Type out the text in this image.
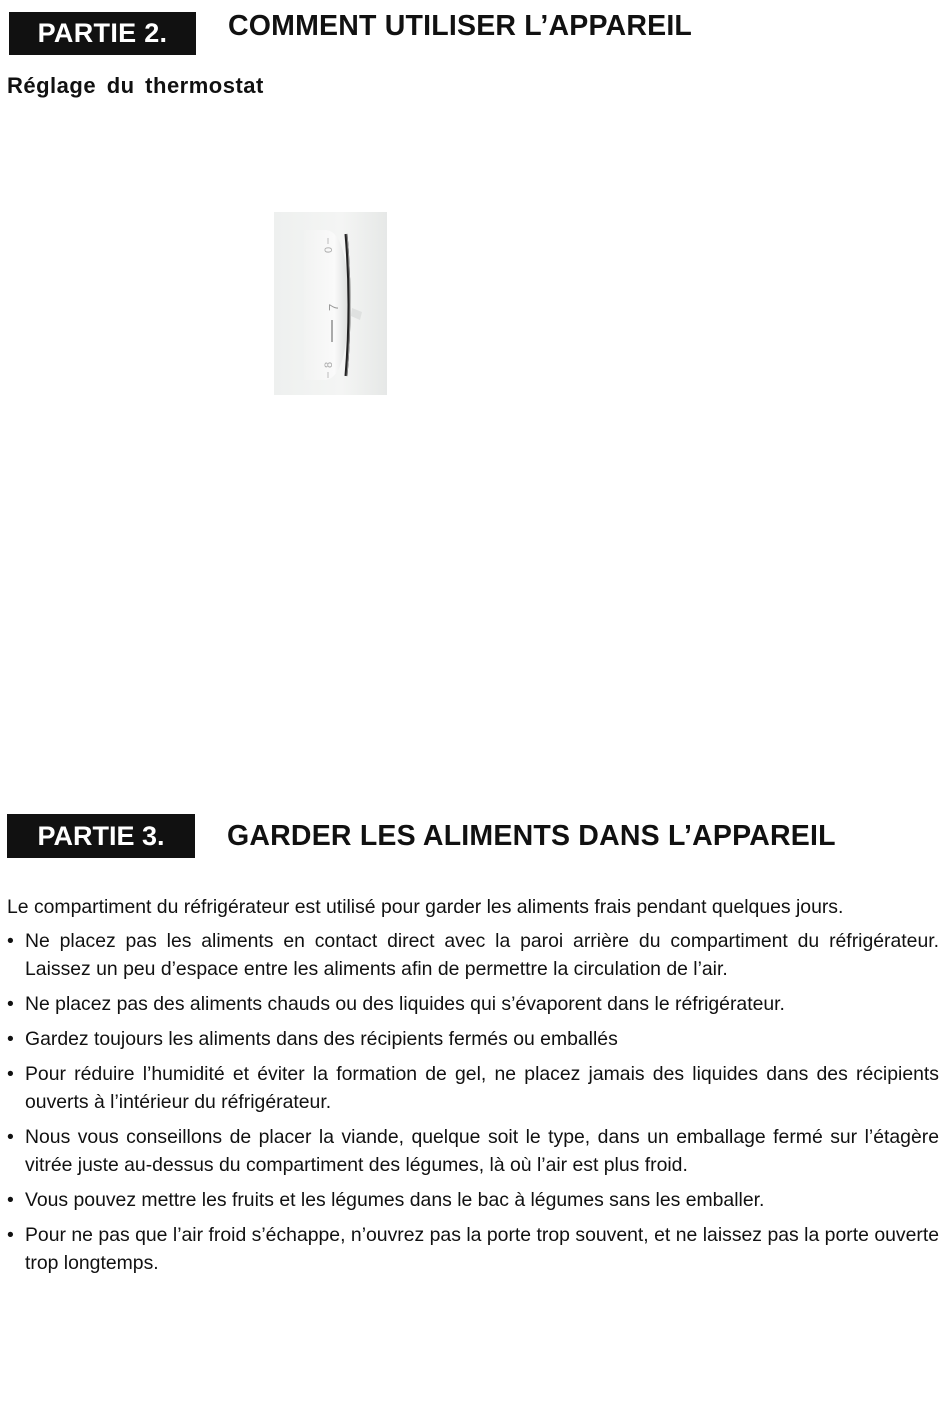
PARTIE 2.	COMMENT UTILISER L’APPAREIL
Réglage du thermostat
0
7
8
PARTIE 3.	GARDER LES ALIMENTS DANS L’APPAREIL

Le compartiment du réfrigérateur est utilisé pour garder les aliments frais pendant quelques jours.

• Ne placez pas les aliments en contact direct avec la paroi arrière du compartiment du réfrigérateur. Laissez un peu d’espace entre les aliments afin de permettre la circulation de l’air.

• Ne placez pas des aliments chauds ou des liquides qui s’évaporent dans le réfrigérateur.

• Gardez toujours les aliments dans des récipients fermés ou emballés

• Pour réduire l’humidité et éviter la formation de gel, ne placez jamais des liquides dans des récipients ouverts à l’intérieur du réfrigérateur.

• Nous vous conseillons de placer la viande, quelque soit le type, dans un emballage fermé sur l’étagère vitrée juste au-dessus du compartiment des légumes, là où l’air est plus froid.

• Vous pouvez mettre les fruits et les légumes dans le bac à légumes sans les emballer.

• Pour ne pas que l’air froid s’échappe, n’ouvrez pas la porte trop souvent, et ne laissez pas la porte ouverte trop longtemps.
